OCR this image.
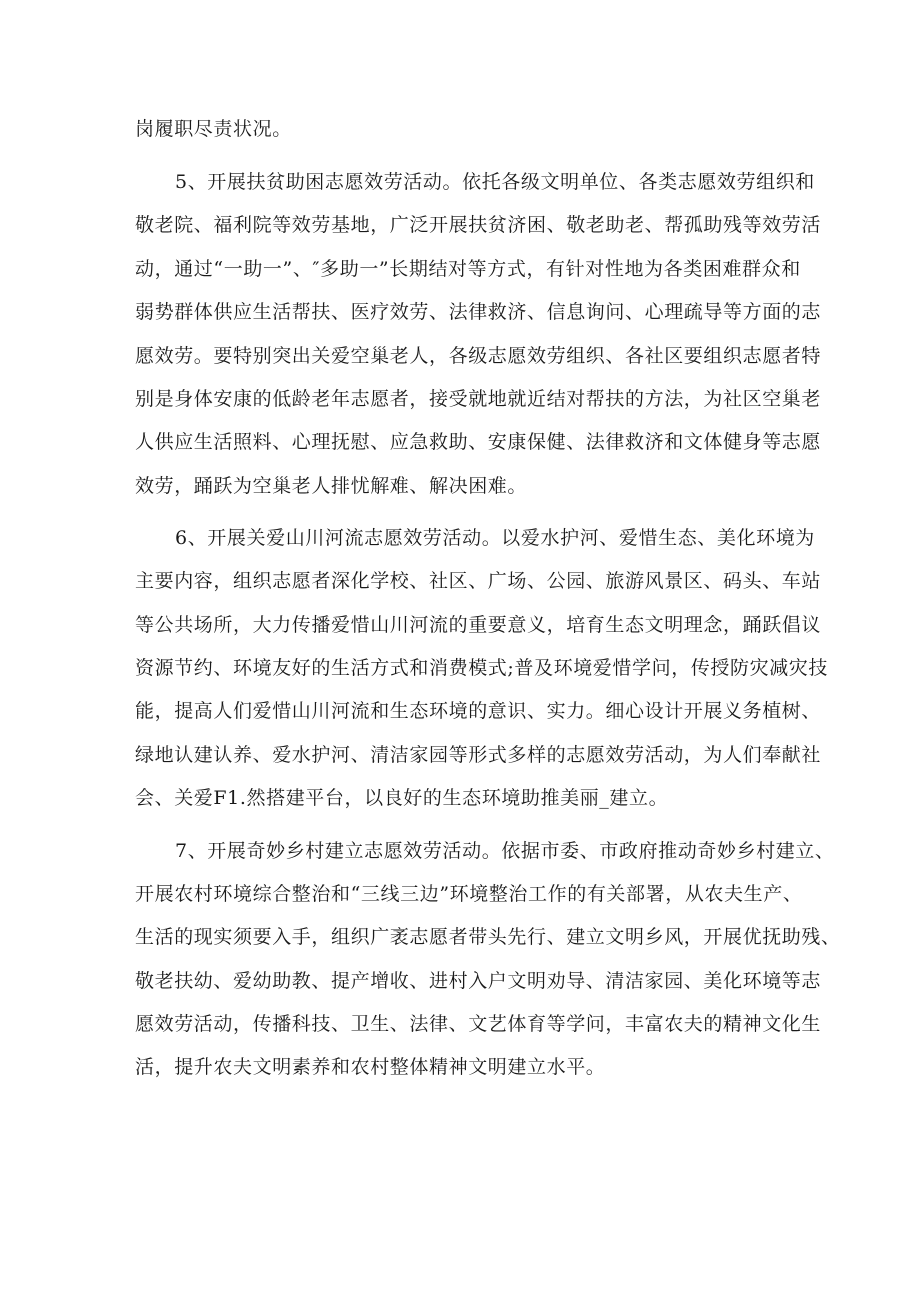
岗履职尽责状况。
5、开展扶贫助困志愿效劳活动。依托各级文明单位、各类志愿效劳组织和
敬老院、福利院等效劳基地，广泛开展扶贫济困、敬老助老、帮孤助残等效劳活
动，通过“一助一”、″多助一”长期结对等方式，有针对性地为各类困难群众和
弱势群体供应生活帮扶、医疗效劳、法律救济、信息询问、心理疏导等方面的志
愿效劳。要特别突出关爱空巢老人，各级志愿效劳组织、各社区要组织志愿者特
别是身体安康的低龄老年志愿者，接受就地就近结对帮扶的方法，为社区空巢老
人供应生活照料、心理抚慰、应急救助、安康保健、法律救济和文体健身等志愿
效劳，踊跃为空巢老人排忧解难、解决困难。
6、开展关爱山川河流志愿效劳活动。以爱水护河、爱惜生态、美化环境为
主要内容，组织志愿者深化学校、社区、广场、公园、旅游风景区、码头、车站
等公共场所，大力传播爱惜山川河流的重要意义，培育生态文明理念，踊跃倡议
资源节约、环境友好的生活方式和消费模式;普及环境爱惜学问，传授防灾减灾技
能，提高人们爱惜山川河流和生态环境的意识、实力。细心设计开展义务植树、
绿地认建认养、爱水护河、清洁家园等形式多样的志愿效劳活动，为人们奉献社
会、关爱F1.然搭建平台，以良好的生态环境助推美丽_建立。
7、开展奇妙乡村建立志愿效劳活动。依据市委、市政府推动奇妙乡村建立、
开展农村环境综合整治和“三线三边”环境整治工作的有关部署，从农夫生产、
生活的现实须要入手，组织广袤志愿者带头先行、建立文明乡风，开展优抚助残、
敬老扶幼、爱幼助教、提产增收、进村入户文明劝导、清洁家园、美化环境等志
愿效劳活动，传播科技、卫生、法律、文艺体育等学问，丰富农夫的精神文化生
活，提升农夫文明素养和农村整体精神文明建立水平。
